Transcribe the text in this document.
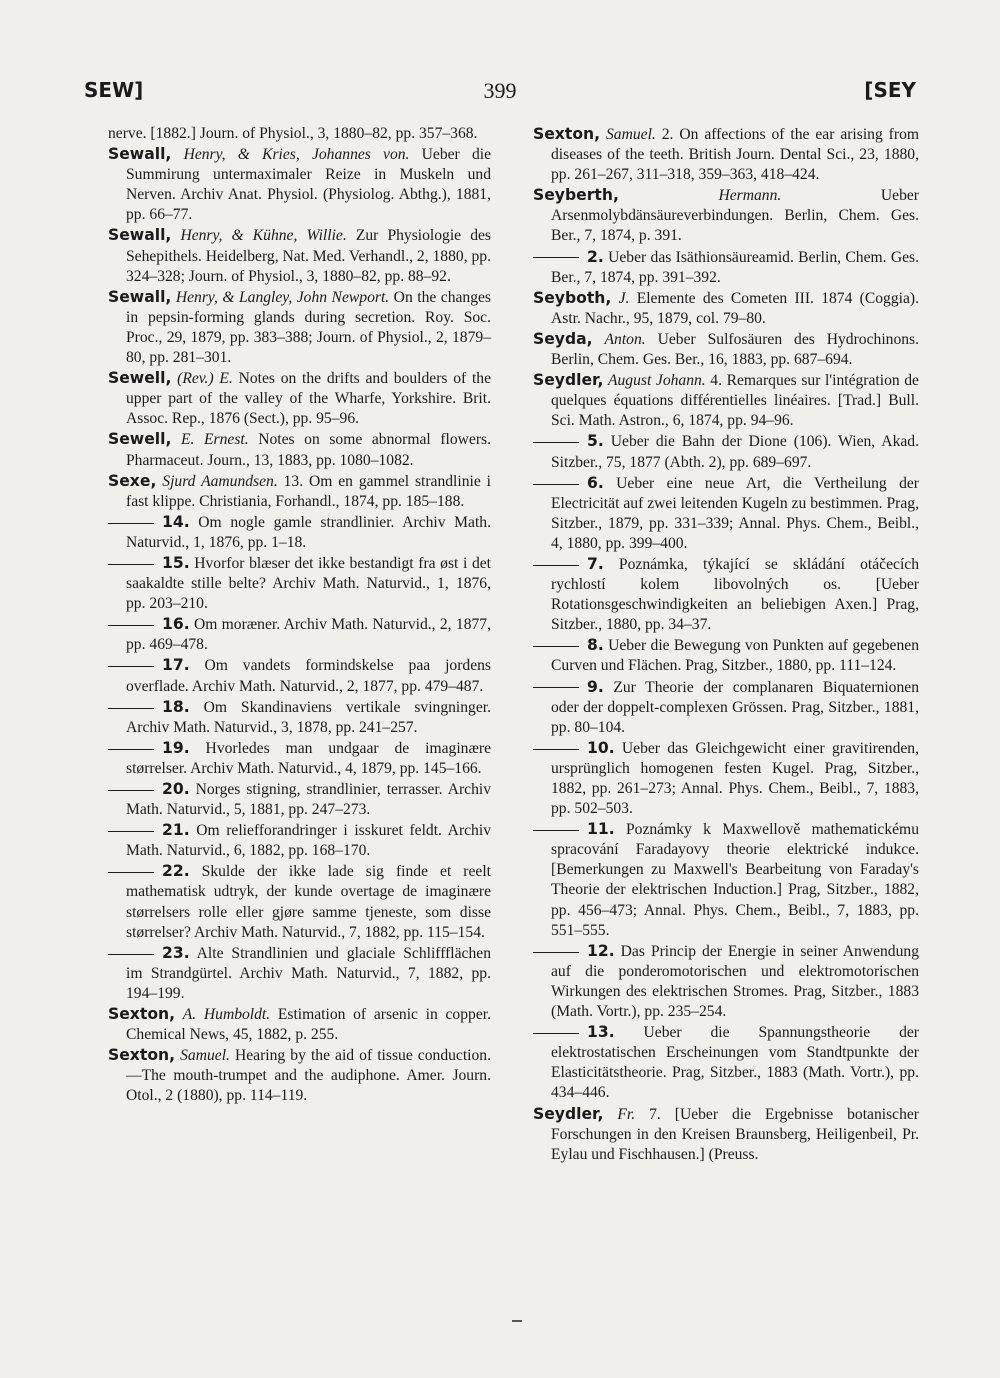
SEW]	399	[SEY

nerve. [1882.] Journ. of Physiol., 3, 1880–82, pp. 357–368.

Sewall, Henry, & Kries, Johannes von. Ueber die Summirung untermaximaler Reize in Muskeln und Nerven. Archiv Anat. Physiol. (Physiolog. Abthg.), 1881, pp. 66–77.

Sewall, Henry, & Kühne, Willie. Zur Physiologie des Sehepithels. Heidelberg, Nat. Med. Verhandl., 2, 1880, pp. 324–328; Journ. of Physiol., 3, 1880–82, pp. 88–92.

Sewall, Henry, & Langley, John Newport. On the changes in pepsin-forming glands during secretion. Roy. Soc. Proc., 29, 1879, pp. 383–388; Journ. of Physiol., 2, 1879–80, pp. 281–301.

Sewell, (Rev.) E. Notes on the drifts and boulders of the upper part of the valley of the Wharfe, Yorkshire. Brit. Assoc. Rep., 1876 (Sect.), pp. 95–96.

Sewell, E. Ernest. Notes on some abnormal flowers. Pharmaceut. Journ., 13, 1883, pp. 1080–1082.

Sexe, Sjurd Aamundsen. 13. Om en gammel strandlinie i fast klippe. Christiania, Forhandl., 1874, pp. 185–188.

14. Om nogle gamle strandlinier. Archiv Math. Naturvid., 1, 1876, pp. 1–18.

15. Hvorfor blæser det ikke bestandigt fra øst i det saakaldte stille belte? Archiv Math. Naturvid., 1, 1876, pp. 203–210.

16. Om moræner. Archiv Math. Naturvid., 2, 1877, pp. 469–478.

17. Om vandets formindskelse paa jordens overflade. Archiv Math. Naturvid., 2, 1877, pp. 479–487.

18. Om Skandinaviens vertikale svingninger. Archiv Math. Naturvid., 3, 1878, pp. 241–257.

19. Hvorledes man undgaar de imaginære størrelser. Archiv Math. Naturvid., 4, 1879, pp. 145–166.

20. Norges stigning, strandlinier, terrasser. Archiv Math. Naturvid., 5, 1881, pp. 247–273.

21. Om reliefforandringer i isskuret feldt. Archiv Math. Naturvid., 6, 1882, pp. 168–170.

22. Skulde der ikke lade sig finde et reelt mathematisk udtryk, der kunde overtage de imaginære størrelsers rolle eller gjøre samme tjeneste, som disse størrelser? Archiv Math. Naturvid., 7, 1882, pp. 115–154.

23. Alte Strandlinien und glaciale Schliffflächen im Strandgürtel. Archiv Math. Naturvid., 7, 1882, pp. 194–199.

Sexton, A. Humboldt. Estimation of arsenic in copper. Chemical News, 45, 1882, p. 255.

Sexton, Samuel. Hearing by the aid of tissue conduction.—The mouth-trumpet and the audiphone. Amer. Journ. Otol., 2 (1880), pp. 114–119.

Sexton, Samuel. 2. On affections of the ear arising from diseases of the teeth. British Journ. Dental Sci., 23, 1880, pp. 261–267, 311–318, 359–363, 418–424.

Seyberth,	Hermann. Ueber Arsenmolybdänsäureverbindungen. Berlin, Chem. Ges. Ber., 7, 1874, p. 391.

2. Ueber das Isäthionsäureamid. Berlin, Chem. Ges. Ber., 7, 1874, pp. 391–392.

Seyboth, J. Elemente des Cometen III. 1874 (Coggia). Astr. Nachr., 95, 1879, col. 79–80.

Seyda, Anton. Ueber Sulfosäuren des Hydrochinons. Berlin, Chem. Ges. Ber., 16, 1883, pp. 687–694.

Seydler, August Johann. 4. Remarques sur l'intégration de quelques équations différentielles linéaires. [Trad.] Bull. Sci. Math. Astron., 6, 1874, pp. 94–96.

5. Ueber die Bahn der Dione (106). Wien, Akad. Sitzber., 75, 1877 (Abth. 2), pp. 689–697.

6. Ueber eine neue Art, die Vertheilung der Electricität auf zwei leitenden Kugeln zu bestimmen. Prag, Sitzber., 1879, pp. 331–339; Annal. Phys. Chem., Beibl., 4, 1880, pp. 399–400.

7. Poznámka, týkající se skládání otáčecích rychlostí kolem libovolných os. [Ueber Rotationsgeschwindigkeiten an beliebigen Axen.] Prag, Sitzber., 1880, pp. 34–37.

8. Ueber die Bewegung von Punkten auf gegebenen Curven und Flächen. Prag, Sitzber., 1880, pp. 111–124.

9. Zur Theorie der complanaren Biquaternionen oder der doppelt-complexen Grössen. Prag, Sitzber., 1881, pp. 80–104.

10. Ueber das Gleichgewicht einer gravitirenden, ursprünglich homogenen festen Kugel. Prag, Sitzber., 1882, pp. 261–273; Annal. Phys. Chem., Beibl., 7, 1883, pp. 502–503.

11. Poznámky k Maxwellově mathematickému spracování Faradayovy theorie elektrické indukce. [Bemerkungen zu Maxwell's Bearbeitung von Faraday's Theorie der elektrischen Induction.] Prag, Sitzber., 1882, pp. 456–473; Annal. Phys. Chem., Beibl., 7, 1883, pp. 551–555.

12. Das Princip der Energie in seiner Anwendung auf die ponderomotorischen und elektromotorischen Wirkungen des elektrischen Stromes. Prag, Sitzber., 1883 (Math. Vortr.), pp. 235–254.

13. Ueber die Spannungstheorie der elektrostatischen Erscheinungen vom Standtpunkte der Elasticitätstheorie. Prag, Sitzber., 1883 (Math. Vortr.), pp. 434–446.

Seydler, Fr. 7. [Ueber die Ergebnisse botanischer Forschungen in den Kreisen Braunsberg, Heiligenbeil, Pr. Eylau und Fischhausen.] (Preuss.
